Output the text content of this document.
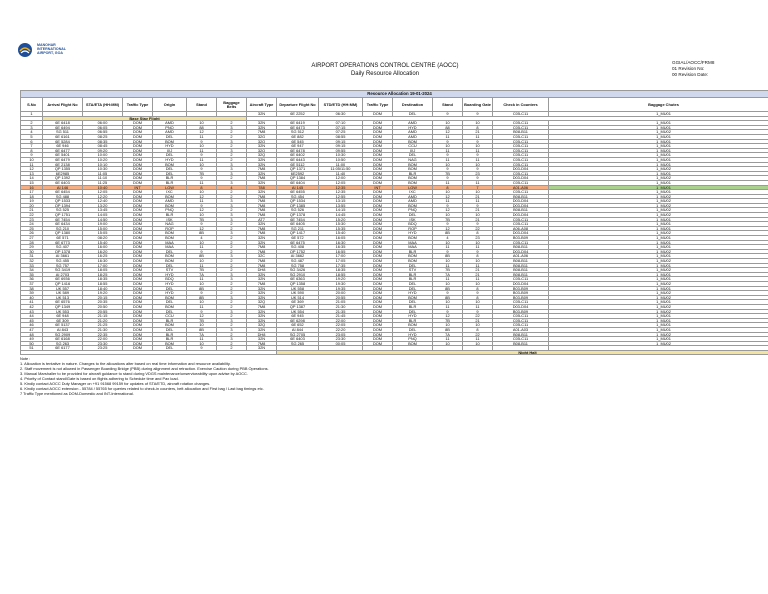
MANOHAR
INTERNATIONAL
AIRPORT, GOA
AIRPORT OPERATIONS CONTROL CENTRE (AOCC)
Daily Resource Allocation
GGIAL/AOCC/FRM8
01 Revision No:
00 Revision Date:
Resource Allocation 19-01-2024															
S.No	Arrival Flight No	STA/ETA (HH:MM)	Traffic Type	Origin	Stand	Baggage Belts	Aircraft Type	Departure Flight No	STD/ETD (HH:MM)	Traffic Type	Destination	Stand	Boarding Gate	Check in Counters	Baggage Chutes
1							32N	6E 2252	06:30	DOM	DEL	9	9	C05-C11	1_MU01
	Base Stay Flight														
2	6E 6418	06:00	DOM	AMD	10	2	32N	6E 6419	07:10	DOM	AMD	10	10	C05-C11	1_MU01
3	6E 6494	06:05	DOM	PNQ	88	3	32N	6E 6473	07:15	DOM	HYD	88	8	C05-C11	1_MU01
4	SG 511	06:55	DOM	AMD	12	2	7M8	SG 512	07:25	DOM	AMD	12	21	B08-B11	1_MU02
5	6E 6161	08:25	DOM	DEL	11	2	32G	6E 882	08:55	DOM	AMD	11	11	C05-C11	1_MU01
6	6E 5284	08:35	DOM	BOM	9	3	32Q	6E 545	09:15	DOM	BOM	9	9	C05-C11	1_MU01
7	6E 946	08:45	DOM	HYD	10	2	32N	6E 947	09:15	DOM	CCU	10	10	C05-C11	1_MU01
8	6E 6477	09:20	DOM	IXJ	11	3	32Q	6E 6478	09:55	DOM	IXJ	11	11	C05-C11	1_MU01
9	6E 5401	10:00	DOM	DEL	9	2	32Q	6E 6402	10:30	DOM	DEL	9	9	C05-C11	1_MU01
10	6E 6479	10:20	DOM	HYD	11	2	32N	6E 6443	10:50	DOM	NAG	11	11	C05-C11	1_MU01
11	6E 2138	10:10	DOM	BOM	10	3	32N	6E 5112	11:00	DOM	BOM	10	10	C05-C11	1_MU01
12	QP 1355	10:30	DOM	DEL	9	3	7M8	QP 1371	11:05/11:50	DOM	BOM	9	9	D03-D04	1_MU02
13	6E2985	11:05	DOM	DEL	7B	3	32N	6E2592	11:40	DOM	BLR	7B	23	C05-C11	1_MU01
14	QP 1392	11:10	DOM	BLR	9	2	7M8	QP 1384	12:00	DOM	BOM	9	9	D03-D04	1_MU02
15	6E 6403	11:25	DOM	BLR	11	3	32N	6E 6404	12:05	DOM	BOM	11	11	C05-C11	1_MU01
16	AI 146	10:40	INT	LGW	8	4	788	AI 145	12:35	INT	LGW	8	7	A01-A06	1_MU01
17	6E 6454	12:05	DOM	IXC	10	2	32N	6E 6455	12:35	DOM	IXC	10	10	C05-C11	1_MU01
18	SG 488	12:20	DOM	BOM	12	2	7M8	SG 454	12:55	DOM	AMD	12	21	B08-B11	1_MU02
19	QP 1533	12:40	DOM	AMD	11	3	7M8	QP 1534	13:15	DOM	AMD	11	11	D03-D04	1_MU02
20	QP 1394	13:20	DOM	BOM	9	3	7M8	QP 1385	13:55	DOM	BOM	9	9	D03-D04	1_MU02
21	SG 525	13:45	DOM	PNQ	12	2	7M8	SG 526	14:15	DOM	PNQ	12	21	B08-B11	1_MU02
22	QP 1751	14:05	DOM	BLR	10	3	7M8	QP 1378	14:45	DOM	DEL	10	10	D03-D04	1_MU02
23	6E 7454	14:50	DOM	ISK	7B	3	AT7	6E 7454	15:20	DOM	ISK	7B	21	C05-C11	1_MU01
24	6E 6434	19:00	DOM	NAG	9	2	32N	6E 6405	15:30	DOM	BDQ	9	9	C05-C11	1_MU01
25	SG 210	15:00	DOM	RQP	12	2	7M8	SG 211	15:35	DOM	RQP	12	22	A06-A08	1_MU01
26	QP 1380	15:05	DOM	BOM	8B	3	7M8	QP 1417	15:40	DOM	HYD	8B	8	D03-D04	1_MU02
27	6E 571	08:20	DOM	BOM	4	2	32N	6E 572	16:05	DOM	BOM	4	23	B03-B09	1_MU01
28	6E 6773	15:40	DOM	MAA	10	2	32N	6E 6475	16:30	DOM	MAA	10	10	C05-C11	1_MU01
29	SG 407	16:00	DOM	MAA	11	2	7M8	SG 408	16:35	DOM	MAA	11	11	B08-B11	1_MU01
30	QP 1378	16:20	DOM	DEL	9	2	7M8	QP 1752	16:55	DOM	BLR	9	9	D03-D04	1_MU02
31	AI 3661	16:25	DOM	BOM	8B	3	32C	AI 3662	17:00	DOM	BOM	8B	8	A01-A06	1_MU01
32	SG 455	16:30	DOM	BOM	10	2	7M8	SG 487	17:05	DOM	BOM	10	10	B08-B11	1_MU02
33	SG 757	17:00	DOM	DEL	11	2	7M8	SG 758	17:35	DOM	DEL	11	11	B08-B11	1_MU01
34	SG 3419	18:05	DOM	STV	7B	2	DH8	SG 3426	18:35	DOM	STV	7B	21	B08-B11	1_MU02
35	AI 2703	18:25	DOM	HYD	7A	3	32N	SG 2910	18:55	DOM	BLR	7A	21	B08-B11	1_MU01
36	6E 6936	18:35	DOM	BDQ	11	3	32N	6E 6363	19:20	DOM	BLR	11	11	C05-C11	1_MU01
37	QP 1416	18:55	DOM	HYD	10	2	7M8	QP 1358	19:30	DOM	DEL	10	10	D03-D04	1_MU02
38	UK 557	18:40	DOM	DEL	8B	2	32N	UK 558	19:35	DOM	DEL	8B	8	B03-B09	1_MU01
39	UK 589	19:20	DOM	HYD	9	2	32N	UK 590	20:00	DOM	HYD	9	9	B03-B09	1_MU02
40	UK 513	20:15	DOM	BOM	8B	3	32N	UK 514	20:55	DOM	BOM	8B	8	B03-B09	1_MU02
41	6E 6576	20:35	DOM	DEL	10	2	32Q	6E 369	21:05	DOM	DEL	10	10	C05-C11	1_MU01
42	QP 1349	20:50	DOM	BOM	11	2	7M8	QP 1387	21:30	DOM	BLR	11	11	D03-D04	1_MU02
43	UK 553	20:55	DOM	DEL	9	3	32N	UK 554	21:35	DOM	DEL	9	9	B03-B09	1_MU02
44	6E 948	21:15	DOM	CCU	12	2	32N	6E 945	21:45	DOM	HYD	12	22	C05-C11	1_MU01
45	6E 309	21:20	DOM	BLR	7B	3	32N	6E 6298	22:00	DOM	BLR	7B	21	C05-C11	1_MU01
46	6E 5137	21:25	DOM	BOM	10	2	32Q	6E 652	22:05	DOM	BOM	10	10	C05-C11	1_MU01
47	AI 843	21:30	DOM	DEL	8B	3	32N	AI 844	22:20	DOM	DEL	8B	8	A01-A03	1_MU01
48	SG 2909	22:35	DOM	BLR	7A	2	DH8	SG 2705	23:05	DOM	HYD	7A	22	B08-B11	1_MU02
49	6E 6168	22:00	DOM	BLR	11	3	32N	6E 6403	23:30	DOM	PNQ	11	11	C05-C11	1_MU01
50	SG 263	23:30	DOM	BOM	10	2	7M8	SG 265	00:05	DOM	BOM	10	10	B08-B11	1_MU02
51	6E 6177	23:25	DOM	DEL	9	2	32N								
								Night Halt							
Note :
1. Allocation is tentative in nature. Changes to the allocations alter based on real time information and resource availability.
2. Staff movement is not allowed in Passenger Boarding Bridge (PBB) during alignment and retraction. Exercise Caution during PBB Operations.
3. Manual Marshaller to be provided for aircraft guidance to stand during VDGS maintenance/unserviceability upon advise by AOCC.
4. Priority of Contact stand/Gate is based on flights adhering to Schedule time and Pax load.
5. Kindly contact AOCC Duty Manager on +91 91568 99159 for updates of STA/ETD, aircraft rotation changes.
6. Kindly contact AOCC extension - 55784 / 55765 for queries related to check-in counters, belt allocation and First bag / Last bag timings etc.
7 Traffic Type mentioned as DOM-Domestic and INT-International.
